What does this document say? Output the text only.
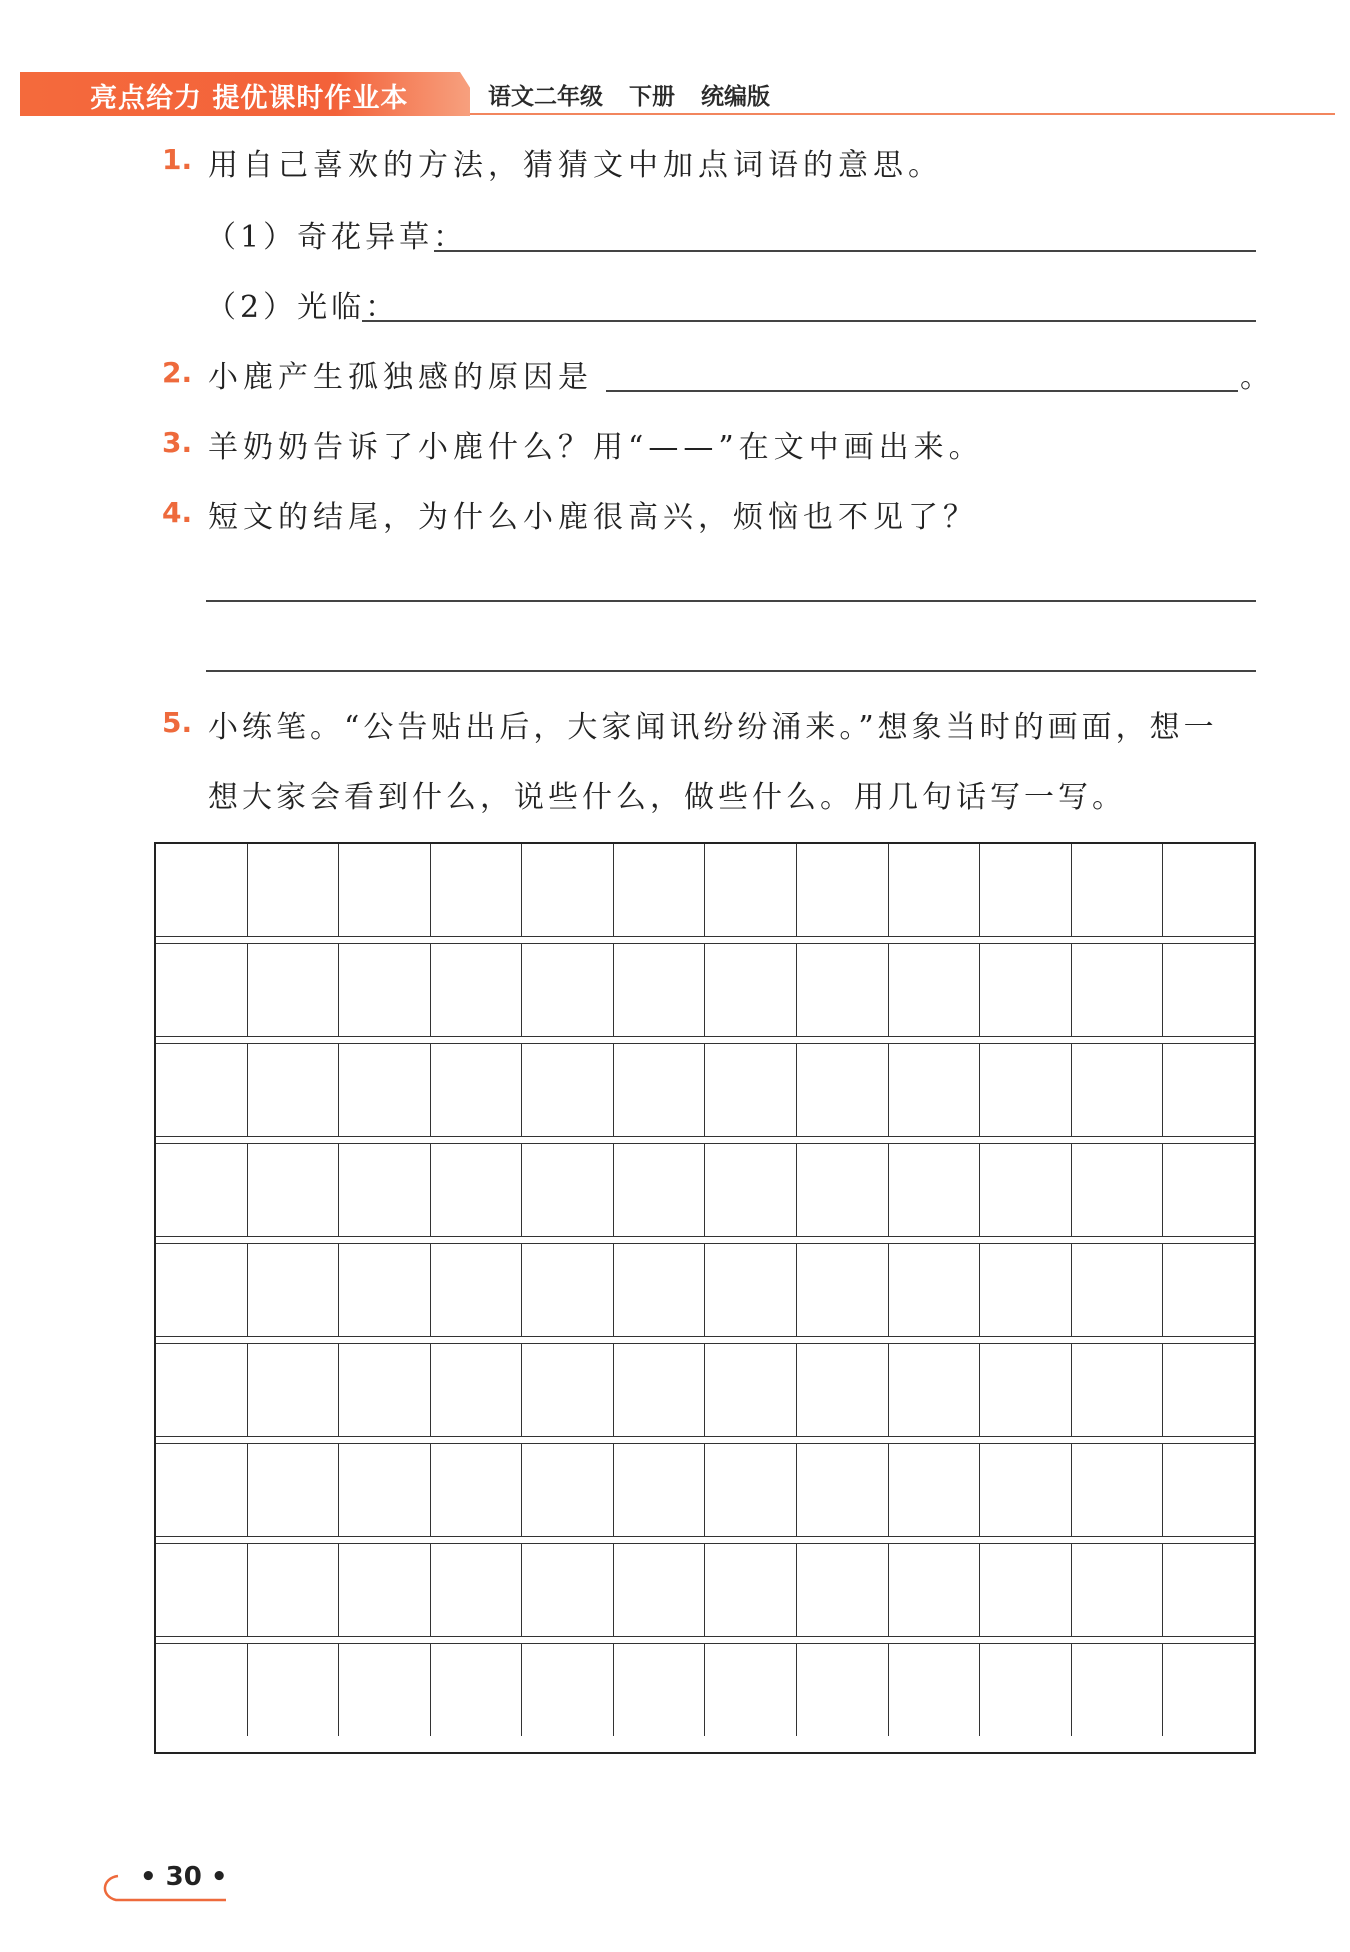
亮点给力 提优课时作业本	语文二年级 下册 统编版
1. 用自己喜欢的方法，猜猜文中加点词语的意思。
（1）奇花异草：
（2）光临：
2. 小鹿产生孤独感的原因是	。
3. 羊奶奶告诉了小鹿什么？用“——”在文中画出来。
4. 短文的结尾，为什么小鹿很高兴，烦恼也不见了？
5. 小练笔。“公告贴出后，大家闻讯纷纷涌来。”想象当时的画面，想一
想大家会看到什么，说些什么，做些什么。用几句话写一写。
• 30 •
